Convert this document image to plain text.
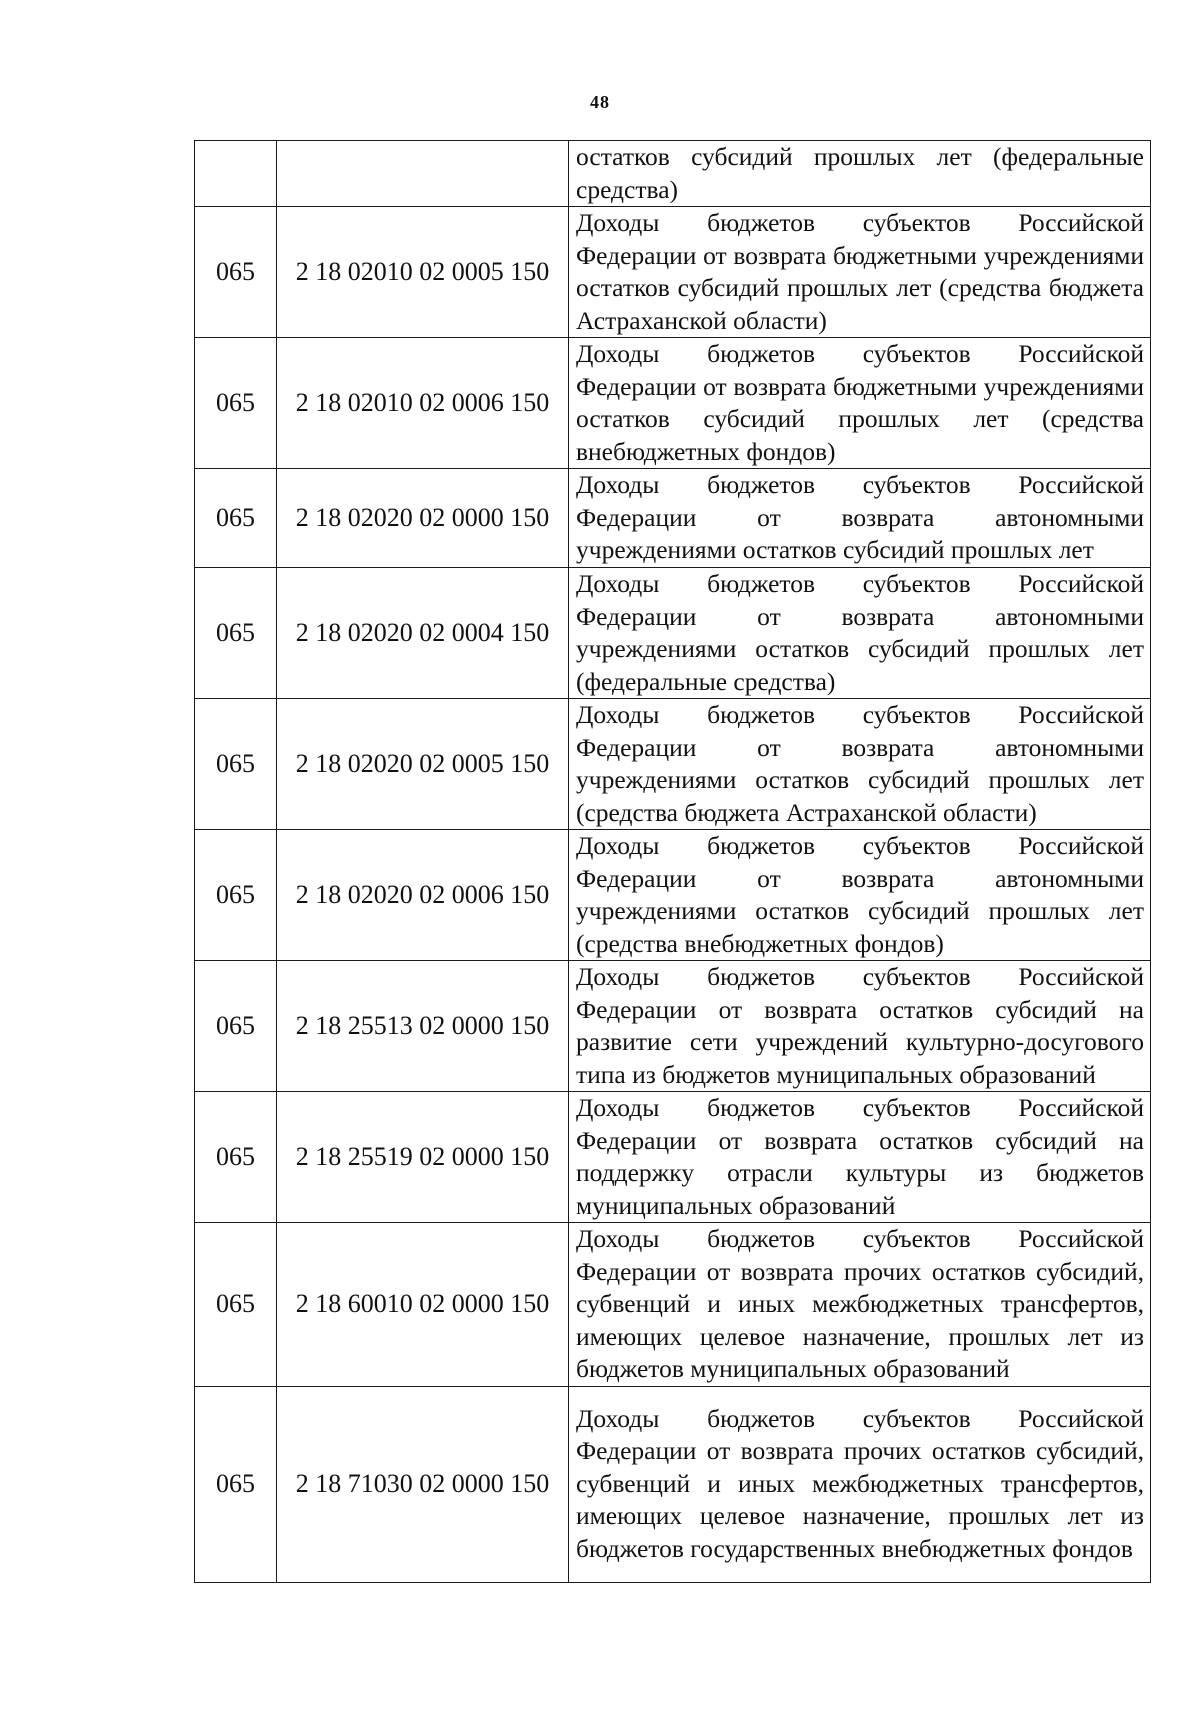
48
		остатков субсидий прошлых лет (федеральные средства)
065	2 18 02010 02 0005 150	Доходы бюджетов субъектов Российской Федерации от возврата бюджетными учреждениями остатков субсидий прошлых лет (средства бюджета Астраханской области)
065	2 18 02010 02 0006 150	Доходы бюджетов субъектов Российской Федерации от возврата бюджетными учреждениями остатков субсидий прошлых лет (средства внебюджетных фондов)
065	2 18 02020 02 0000 150	Доходы бюджетов субъектов Российской Федерации от возврата автономными учреждениями остатков субсидий прошлых лет
065	2 18 02020 02 0004 150	Доходы бюджетов субъектов Российской Федерации от возврата автономными учреждениями остатков субсидий прошлых лет (федеральные средства)
065	2 18 02020 02 0005 150	Доходы бюджетов субъектов Российской Федерации от возврата автономными учреждениями остатков субсидий прошлых лет (средства бюджета Астраханской области)
065	2 18 02020 02 0006 150	Доходы бюджетов субъектов Российской Федерации от возврата автономными учреждениями остатков субсидий прошлых лет (средства внебюджетных фондов)
065	2 18 25513 02 0000 150	Доходы бюджетов субъектов Российской Федерации от возврата остатков субсидий на развитие сети учреждений культурно-досугового типа из бюджетов муниципальных образований
065	2 18 25519 02 0000 150	Доходы бюджетов субъектов Российской Федерации от возврата остатков субсидий на поддержку отрасли культуры из бюджетов муниципальных образований
065	2 18 60010 02 0000 150	Доходы бюджетов субъектов Российской Федерации от возврата прочих остатков субсидий, субвенций и иных межбюджетных трансфертов, имеющих целевое назначение, прошлых лет из бюджетов муниципальных образований
065	2 18 71030 02 0000 150	Доходы бюджетов субъектов Российской Федерации от возврата прочих остатков субсидий, субвенций и иных межбюджетных трансфертов, имеющих целевое назначение, прошлых лет из бюджетов государственных внебюджетных фондов
